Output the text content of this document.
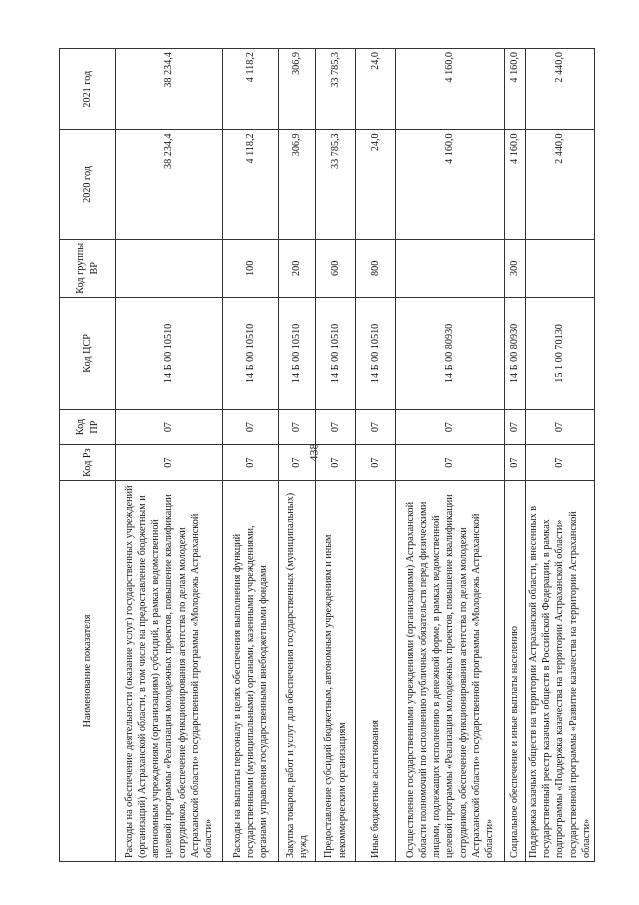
438
Наименование показателя	Код Рз	Код ПР	Код ЦСР	Код группы ВР	2020 год	2021 год
Расходы на обеспечение деятельности (оказание услуг) государственных учреждений (организаций) Астраханской области, в том числе на предоставление бюджетным и автономным учреждениям (организациям) субсидий, в рамках ведомственной целевой программы «Реализация молодежных проектов, повышение квалификации сотрудников, обеспечение функционирования агентства по делам молодежи Астраханской области» государственной программы «Молодежь Астраханской области»	07	07	14 Б 00 10510		38 234,4	38 234,4
Расходы на выплаты персоналу в целях обеспечения выполнения функций государственными (муниципальными) органами, казенными учреждениями, органами управления государственными внебюджетными фондами	07	07	14 Б 00 10510	100	4 118,2	4 118,2
Закупка товаров, работ и услуг для обеспечения государственных (муниципальных) нужд	07	07	14 Б 00 10510	200	306,9	306,9
Предоставление субсидий бюджетным, автономным учреждениям и иным некоммерческим организациям	07	07	14 Б 00 10510	600	33 785,3	33 785,3
Иные бюджетные ассигнования	07	07	14 Б 00 10510	800	24,0	24,0
Осуществление государственными учреждениями (организациями) Астраханской области полномочий по исполнению публичных обязательств перед физическими лицами, подлежащих исполнению в денежной форме, в рамках ведомственной целевой программы «Реализация молодежных проектов, повышение квалификации сотрудников, обеспечение функционирования агентства по делам молодежи Астраханской области» государственной программы «Молодежь Астраханской области»	07	07	14 Б 00 80930		4 160,0	4 160,0
Социальное обеспечение и иные выплаты населению	07	07	14 Б 00 80930	300	4 160,0	4 160,0
Поддержка казачьих обществ на территории Астраханской области, внесенных в государственный реестр казачьих обществ в Российской Федерации, в рамках подпрограммы «Поддержка казачества на территории Астраханской области» государственной программы «Развитие казачества на территории Астраханской области»	07	07	15 1 00 70130		2 440,0	2 440,0
